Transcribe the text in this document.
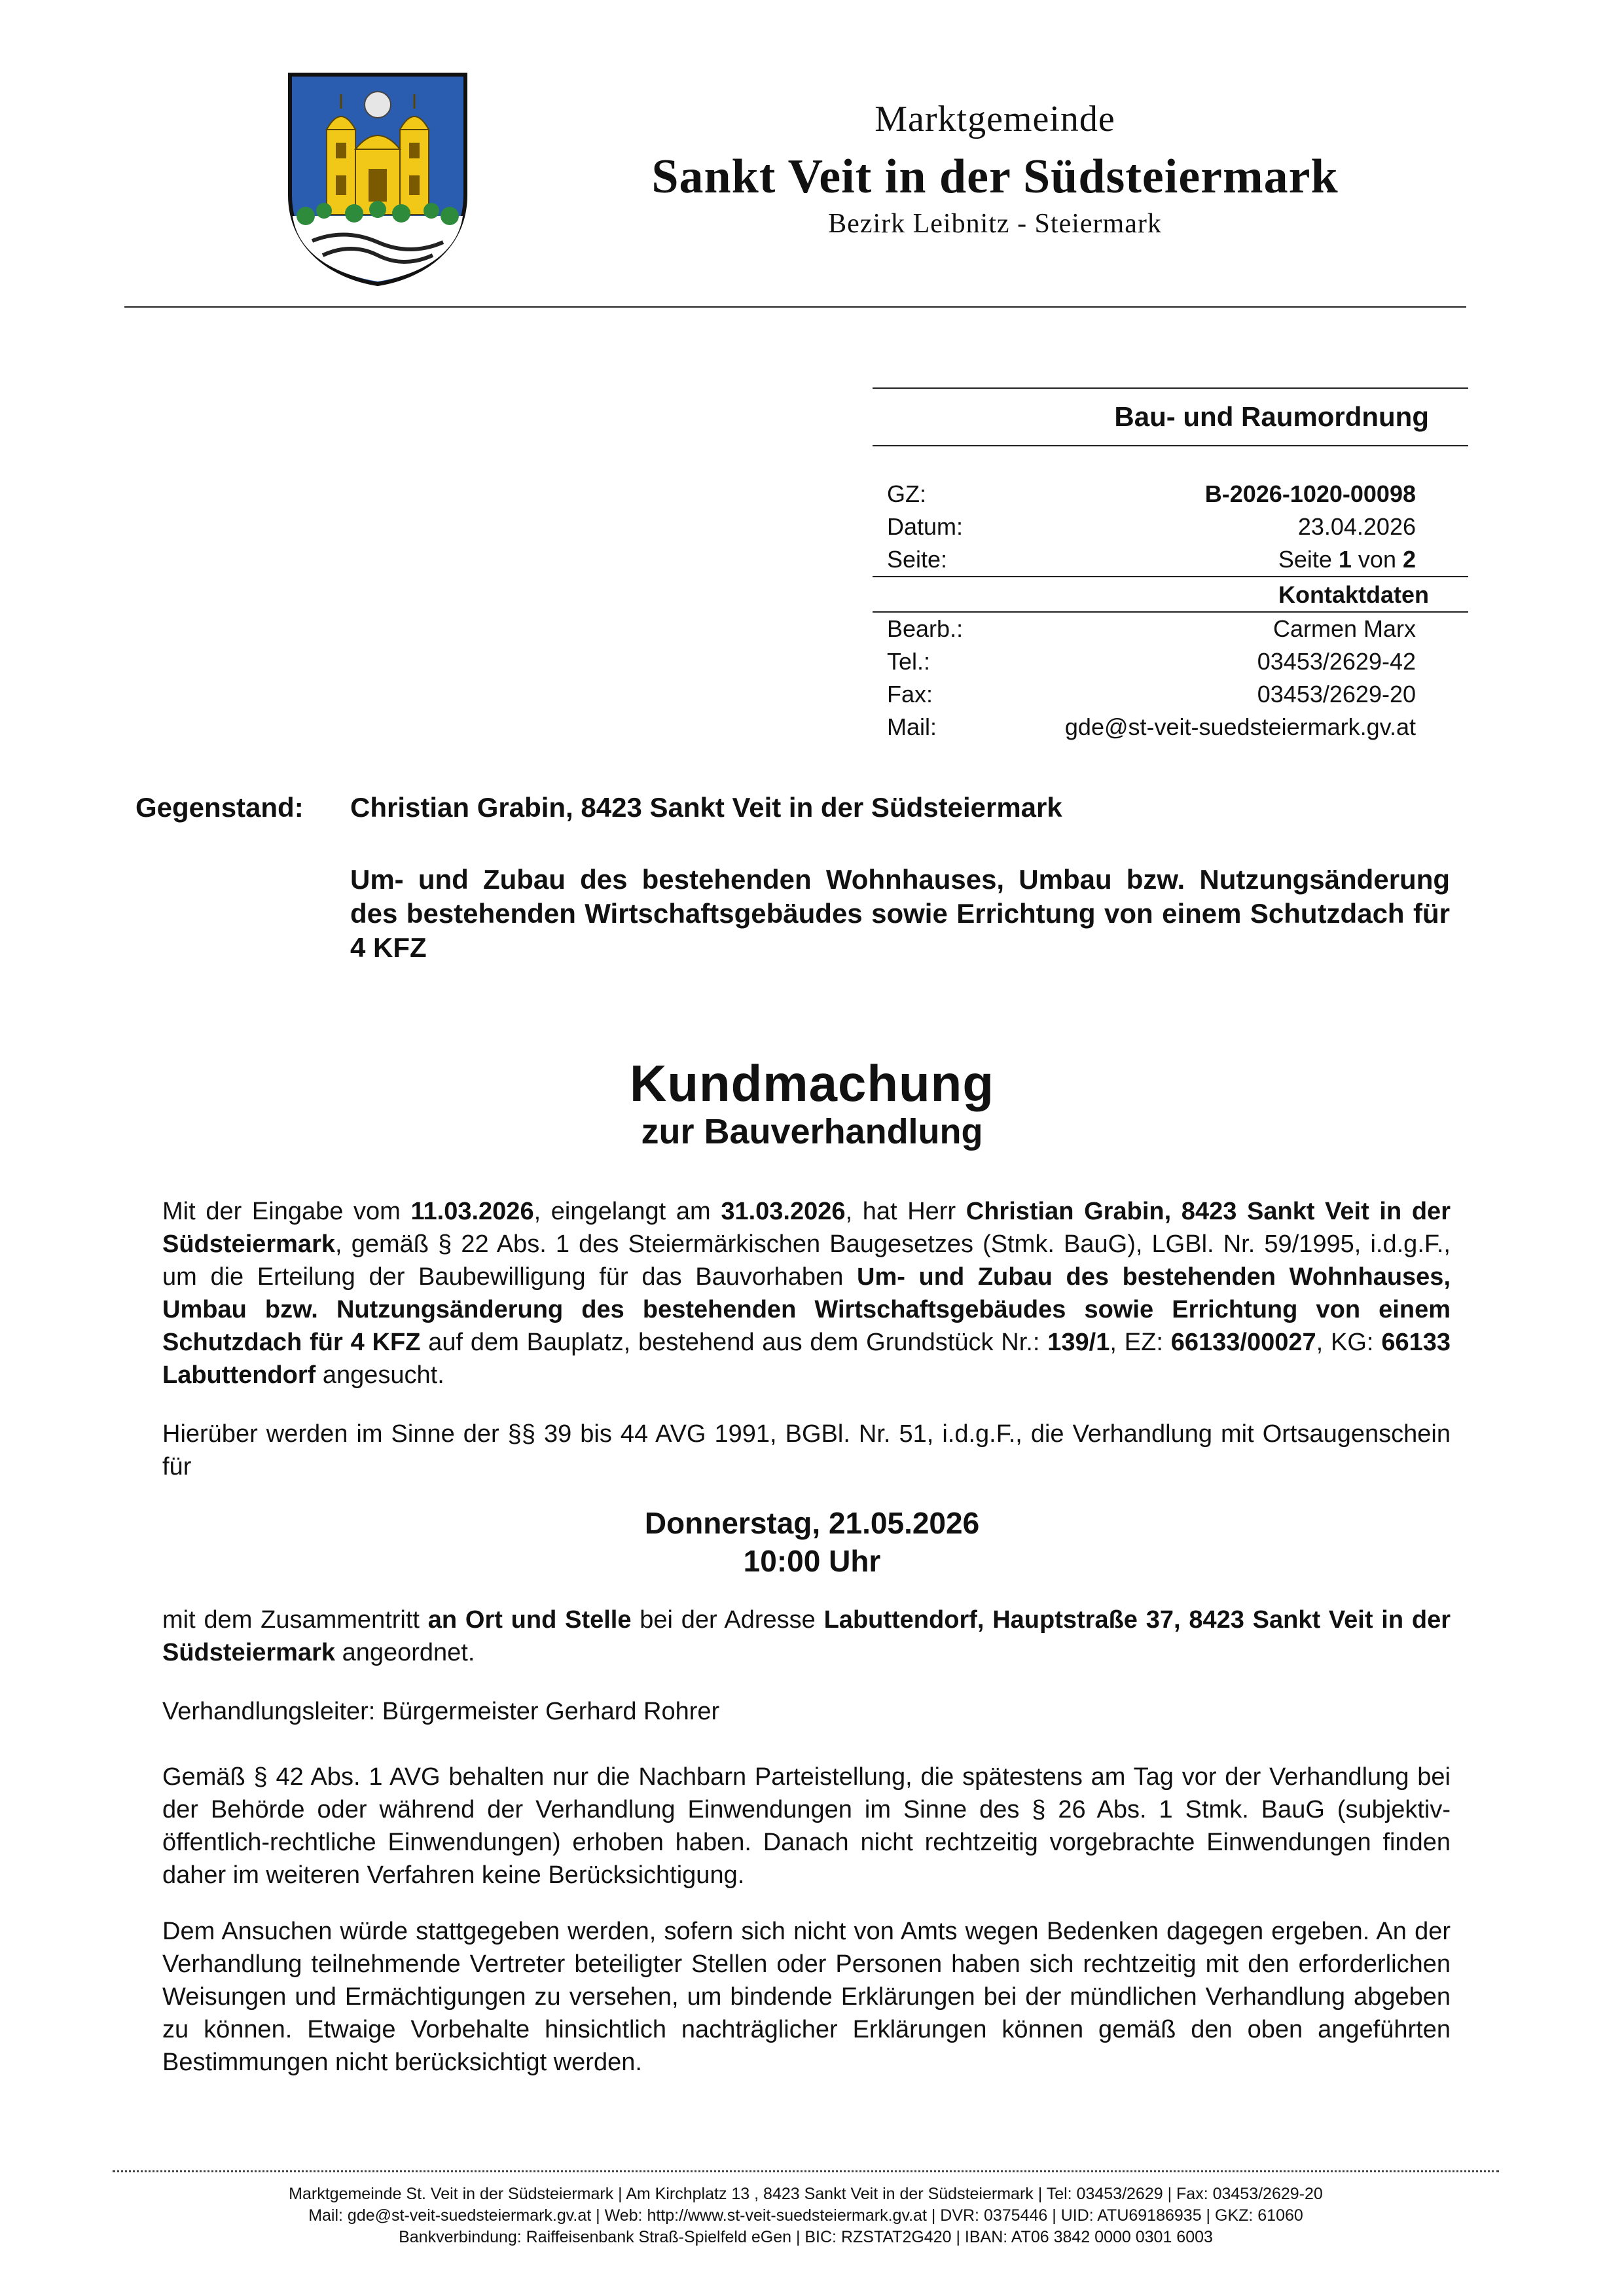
Marktgemeinde
Sankt Veit in der Südsteiermark
Bezirk Leibnitz - Steiermark
Bau- und Raumordnung
GZ:	B-2026-1020-00098
Datum:	23.04.2026
Seite:	Seite 1 von 2
Kontaktdaten
Bearb.:	Carmen Marx
Tel.:	03453/2629-42
Fax:	03453/2629-20
Mail:	gde@st-veit-suedsteiermark.gv.at
Gegenstand: Christian Grabin, 8423 Sankt Veit in der Südsteiermark
Um- und Zubau des bestehenden Wohnhauses, Umbau bzw. Nutzungsänderung des bestehenden Wirtschaftsgebäudes sowie Errichtung von einem Schutzdach für 4 KFZ
Kundmachung
zur Bauverhandlung
Mit der Eingabe vom 11.03.2026, eingelangt am 31.03.2026, hat Herr Christian Grabin, 8423 Sankt Veit in der Südsteiermark, gemäß § 22 Abs. 1 des Steiermärkischen Baugesetzes (Stmk. BauG), LGBl. Nr. 59/1995, i.d.g.F., um die Erteilung der Baubewilligung für das Bauvorhaben Um- und Zubau des bestehenden Wohnhauses, Umbau bzw. Nutzungsänderung des bestehenden Wirtschaftsgebäudes sowie Errichtung von einem Schutzdach für 4 KFZ auf dem Bauplatz, bestehend aus dem Grundstück Nr.: 139/1, EZ: 66133/00027, KG: 66133 Labuttendorf angesucht.
Hierüber werden im Sinne der §§ 39 bis 44 AVG 1991, BGBl. Nr. 51, i.d.g.F., die Verhandlung mit Ortsaugenschein für
Donnerstag, 21.05.2026
10:00 Uhr
mit dem Zusammentritt an Ort und Stelle bei der Adresse Labuttendorf, Hauptstraße 37, 8423 Sankt Veit in der Südsteiermark angeordnet.
Verhandlungsleiter: Bürgermeister Gerhard Rohrer
Gemäß § 42 Abs. 1 AVG behalten nur die Nachbarn Parteistellung, die spätestens am Tag vor der Verhandlung bei der Behörde oder während der Verhandlung Einwendungen im Sinne des § 26 Abs. 1 Stmk. BauG (subjektiv-öffentlich-rechtliche Einwendungen) erhoben haben. Danach nicht rechtzeitig vorgebrachte Einwendungen finden daher im weiteren Verfahren keine Berücksichtigung.
Dem Ansuchen würde stattgegeben werden, sofern sich nicht von Amts wegen Bedenken dagegen ergeben. An der Verhandlung teilnehmende Vertreter beteiligter Stellen oder Personen haben sich rechtzeitig mit den erforderlichen Weisungen und Ermächtigungen zu versehen, um bindende Erklärungen bei der mündlichen Verhandlung abgeben zu können. Etwaige Vorbehalte hinsichtlich nachträglicher Erklärungen können gemäß den oben angeführten Bestimmungen nicht berücksichtigt werden.
Marktgemeinde St. Veit in der Südsteiermark | Am Kirchplatz 13 , 8423 Sankt Veit in der Südsteiermark | Tel: 03453/2629 | Fax: 03453/2629-20
Mail: gde@st-veit-suedsteiermark.gv.at | Web: http://www.st-veit-suedsteiermark.gv.at | DVR: 0375446 | UID: ATU69186935 | GKZ: 61060
Bankverbindung: Raiffeisenbank Straß-Spielfeld eGen | BIC: RZSTAT2G420 | IBAN: AT06 3842 0000 0301 6003
